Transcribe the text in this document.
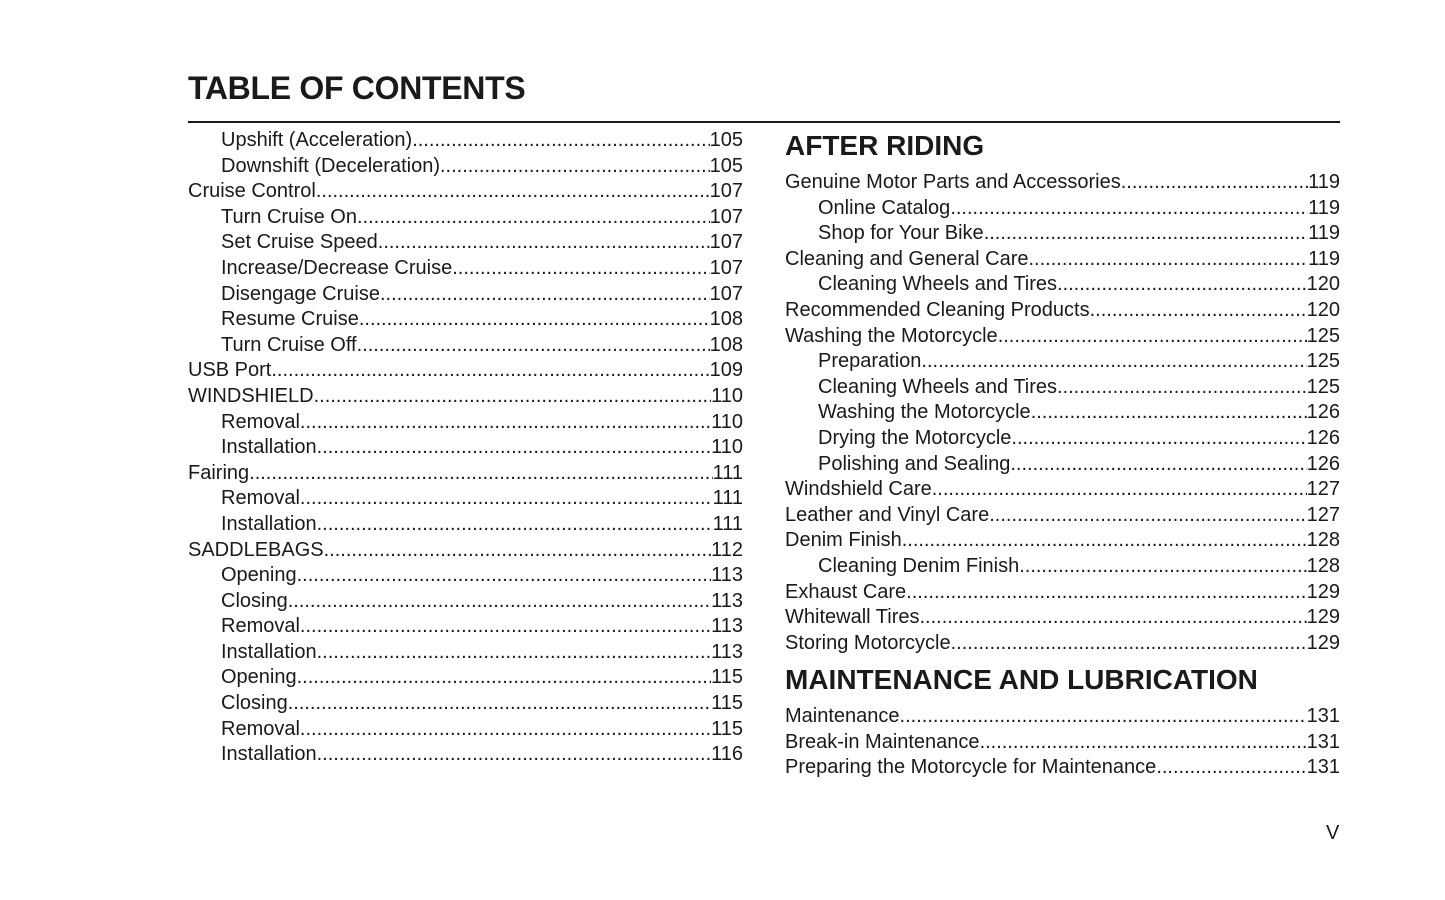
TABLE OF CONTENTS
Upshift (Acceleration) .....	105
Downshift (Deceleration) .....	105
Cruise Control .....	107
Turn Cruise On .....	107
Set Cruise Speed .....	107
Increase/Decrease Cruise .....	107
Disengage Cruise .....	107
Resume Cruise .....	108
Turn Cruise Off .....	108
USB Port .....	109
WINDSHIELD .....	110
Removal .....	110
Installation .....	110
Fairing .....	111
Removal .....	111
Installation .....	111
SADDLEBAGS .....	112
Opening .....	113
Closing .....	113
Removal .....	113
Installation .....	113
Opening .....	115
Closing .....	115
Removal .....	115
Installation .....	116
AFTER RIDING
Genuine Motor Parts and Accessories .....	119
Online Catalog .....	119
Shop for Your Bike .....	119
Cleaning and General Care .....	119
Cleaning Wheels and Tires .....	120
Recommended Cleaning Products .....	120
Washing the Motorcycle .....	125
Preparation .....	125
Cleaning Wheels and Tires .....	125
Washing the Motorcycle .....	126
Drying the Motorcycle .....	126
Polishing and Sealing .....	126
Windshield Care .....	127
Leather and Vinyl Care .....	127
Denim Finish .....	128
Cleaning Denim Finish .....	128
Exhaust Care .....	129
Whitewall Tires .....	129
Storing Motorcycle .....	129
MAINTENANCE AND LUBRICATION
Maintenance .....	131
Break-in Maintenance .....	131
Preparing the Motorcycle for Maintenance .....	131
V
